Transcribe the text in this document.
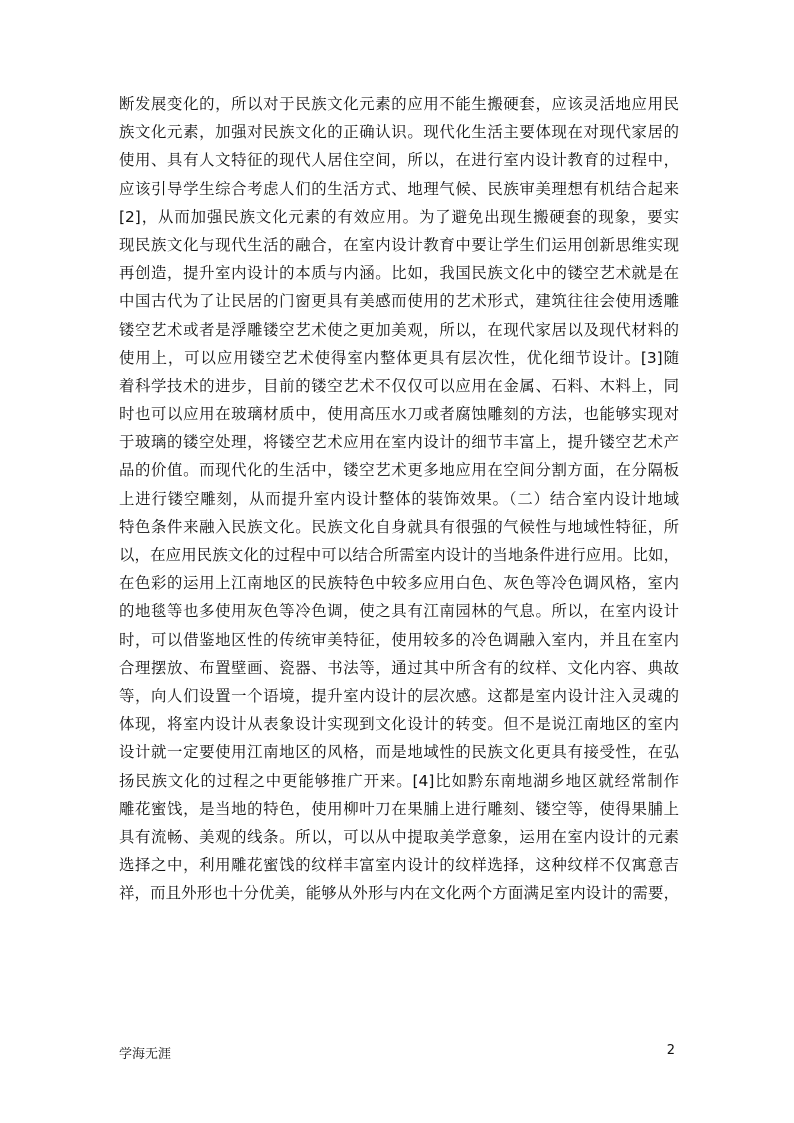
断发展变化的，所以对于民族文化元素的应用不能生搬硬套，应该灵活地应用民
族文化元素，加强对民族文化的正确认识。现代化生活主要体现在对现代家居的
使用、具有人文特征的现代人居住空间，所以，在进行室内设计教育的过程中，
应该引导学生综合考虑人们的生活方式、地理气候、民族审美理想有机结合起来
[2]，从而加强民族文化元素的有效应用。为了避免出现生搬硬套的现象，要实
现民族文化与现代生活的融合，在室内设计教育中要让学生们运用创新思维实现
再创造，提升室内设计的本质与内涵。比如，我国民族文化中的镂空艺术就是在
中国古代为了让民居的门窗更具有美感而使用的艺术形式，建筑往往会使用透雕
镂空艺术或者是浮雕镂空艺术使之更加美观，所以，在现代家居以及现代材料的
使用上，可以应用镂空艺术使得室内整体更具有层次性，优化细节设计。[3]随
着科学技术的进步，目前的镂空艺术不仅仅可以应用在金属、石料、木料上，同
时也可以应用在玻璃材质中，使用高压水刀或者腐蚀雕刻的方法，也能够实现对
于玻璃的镂空处理，将镂空艺术应用在室内设计的细节丰富上，提升镂空艺术产
品的价值。而现代化的生活中，镂空艺术更多地应用在空间分割方面，在分隔板
上进行镂空雕刻，从而提升室内设计整体的装饰效果。（二）结合室内设计地域
特色条件来融入民族文化。民族文化自身就具有很强的气候性与地域性特征，所
以，在应用民族文化的过程中可以结合所需室内设计的当地条件进行应用。比如，
在色彩的运用上江南地区的民族特色中较多应用白色、灰色等冷色调风格，室内
的地毯等也多使用灰色等冷色调，使之具有江南园林的气息。所以，在室内设计
时，可以借鉴地区性的传统审美特征，使用较多的冷色调融入室内，并且在室内
合理摆放、布置壁画、瓷器、书法等，通过其中所含有的纹样、文化内容、典故
等，向人们设置一个语境，提升室内设计的层次感。这都是室内设计注入灵魂的
体现，将室内设计从表象设计实现到文化设计的转变。但不是说江南地区的室内
设计就一定要使用江南地区的风格，而是地域性的民族文化更具有接受性，在弘
扬民族文化的过程之中更能够推广开来。[4]比如黔东南地湖乡地区就经常制作
雕花蜜饯，是当地的特色，使用柳叶刀在果脯上进行雕刻、镂空等，使得果脯上
具有流畅、美观的线条。所以，可以从中提取美学意象，运用在室内设计的元素
选择之中，利用雕花蜜饯的纹样丰富室内设计的纹样选择，这种纹样不仅寓意吉
祥，而且外形也十分优美，能够从外形与内在文化两个方面满足室内设计的需要，
学海无涯	2
